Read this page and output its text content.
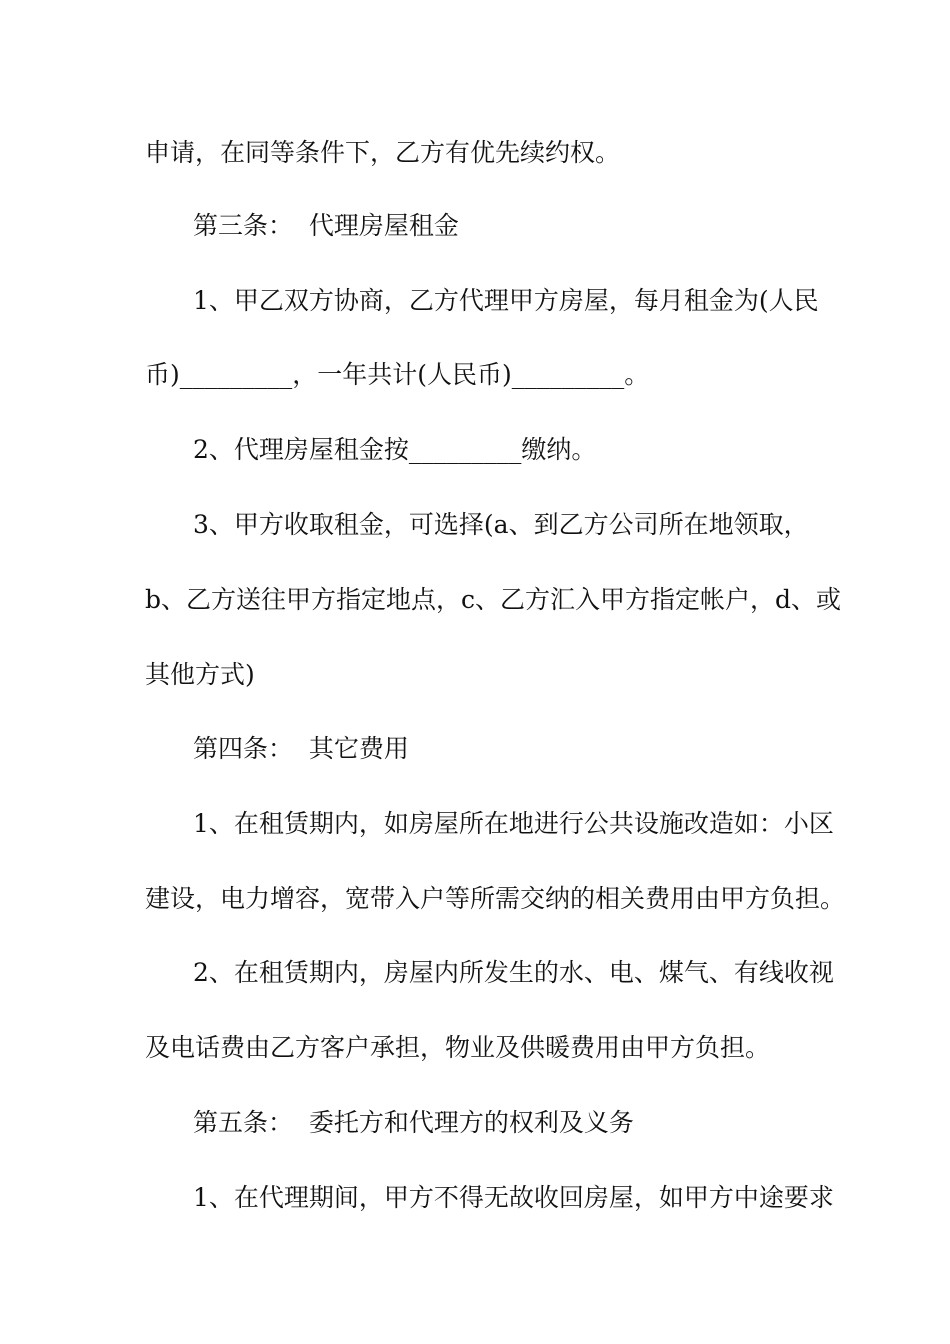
申请，在同等条件下，乙方有优先续约权。
第三条：  代理房屋租金
1、甲乙双方协商，乙方代理甲方房屋，每月租金为(人民
币)_________，一年共计(人民币)_________。
2、代理房屋租金按_________缴纳。
3、甲方收取租金，可选择(a、到乙方公司所在地领取，
b、乙方送往甲方指定地点，c、乙方汇入甲方指定帐户，d、或
其他方式)
第四条：  其它费用
1、在租赁期内，如房屋所在地进行公共设施改造如：小区
建设，电力增容，宽带入户等所需交纳的相关费用由甲方负担。
2、在租赁期内，房屋内所发生的水、电、煤气、有线收视
及电话费由乙方客户承担，物业及供暖费用由甲方负担。
第五条：  委托方和代理方的权利及义务
1、在代理期间，甲方不得无故收回房屋，如甲方中途要求
